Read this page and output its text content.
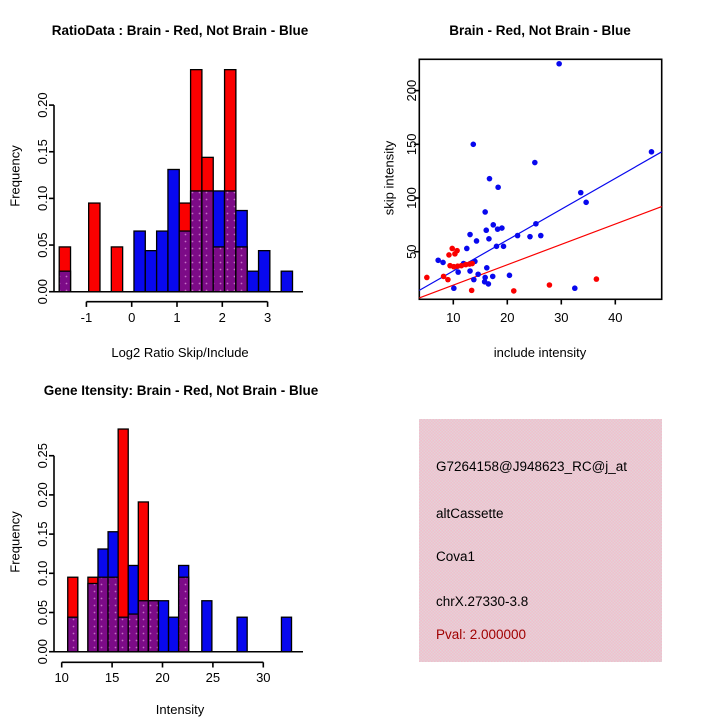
-1	0	1	2	3
0.00
0.05
0.10
0.15
0.20
10	20	30	40
50
100
150
200
10	15	20	25	30
0.00
0.05
0.10
0.15
0.20
0.25
RatioData : Brain - Red, Not Brain - Blue	Brain - Red, Not Brain - Blue
Gene Itensity: Brain - Red, Not Brain - Blue
Log2 Ratio Skip/Include	include intensity
Intensity
Frequency	skip intensity
Frequency
G7264158@J948623_RC@j_at
altCassette
Cova1
chrX.27330-3.8
Pval: 2.000000
